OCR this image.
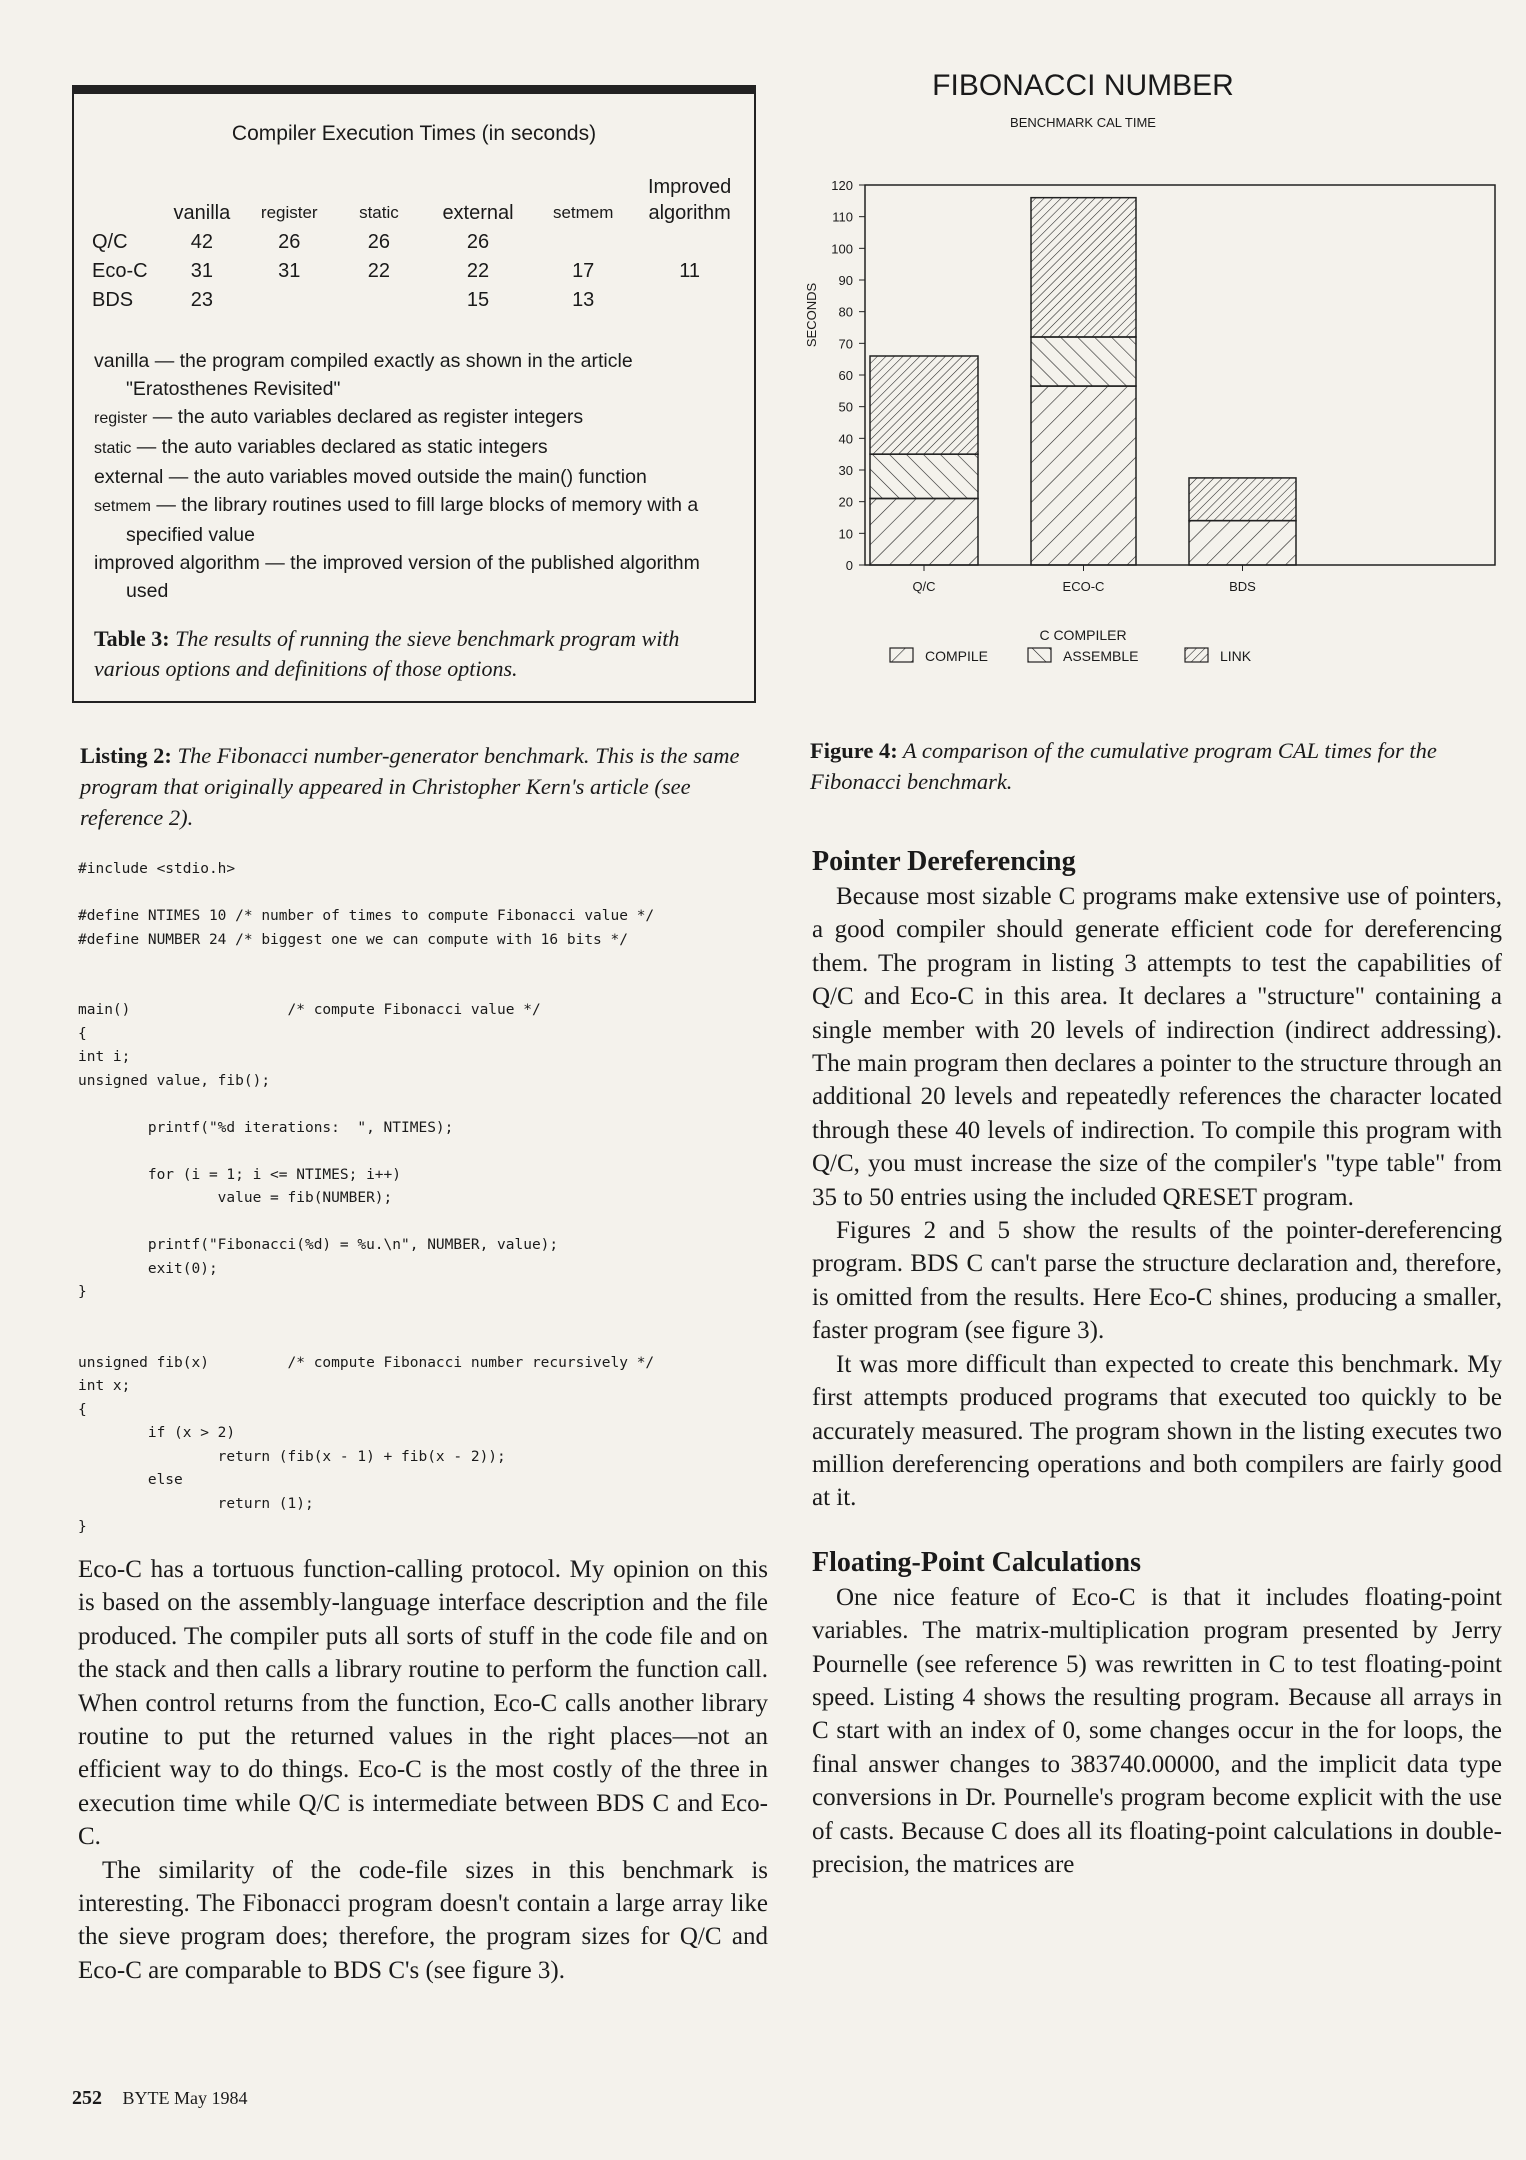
Compiler Execution Times (in seconds)
	vanilla	register	static	external	setmem	Improved algorithm
Q/C	42	26	26	26		
Eco-C	31	31	22	22	17	11
BDS	23			15	13	
vanilla — the program compiled exactly as shown in the article "Eratosthenes Revisited"
register — the auto variables declared as register integers
static — the auto variables declared as static integers
external — the auto variables moved outside the main() function
setmem — the library routines used to fill large blocks of memory with a specified value
improved algorithm — the improved version of the published algorithm used
Table 3: The results of running the sieve benchmark program with various options and definitions of those options.
Listing 2: The Fibonacci number-generator benchmark. This is the same program that originally appeared in Christopher Kern's article (see reference 2).
#include <stdio.h>

#define NTIMES 10 /* number of times to compute Fibonacci value */
#define NUMBER 24 /* biggest one we can compute with 16 bits */

main()                  /* compute Fibonacci value */
{
int i;
unsigned value, fib();

printf("%d iterations:  ", NTIMES);

for (i = 1; i <= NTIMES; i++)
value = fib(NUMBER);

printf("Fibonacci(%d) = %u.\n", NUMBER, value);
exit(0);
}

unsigned fib(x)         /* compute Fibonacci number recursively */
int x;
{
if (x > 2)
return (fib(x - 1) + fib(x - 2));
else
return (1);
}

Eco-C has a tortuous function-calling protocol. My opinion on this is based on the assembly-language interface description and the file produced. The compiler puts all sorts of stuff in the code file and on the stack and then calls a library routine to perform the function call. When control returns from the function, Eco-C calls another library routine to put the returned values in the right places—not an efficient way to do things. Eco-C is the most costly of the three in execution time while Q/C is intermediate between BDS C and Eco-C.

The similarity of the code-file sizes in this benchmark is interesting. The Fibonacci program doesn't contain a large array like the sieve program does; therefore, the program sizes for Q/C and Eco-C are comparable to BDS C's (see figure 3).

252 BYTE May 1984
FIBONACCI NUMBER
BENCHMARK CAL TIME
SECONDS
C COMPILER
0
10
20
30
40
50
60
70
80
90
100
110
120
Q/C	ECO-C	BDS
COMPILE	ASSEMBLE	LINK
Figure 4: A comparison of the cumulative program CAL times for the Fibonacci benchmark.
Pointer Dereferencing

Because most sizable C programs make extensive use of pointers, a good compiler should generate efficient code for dereferencing them. The program in listing 3 attempts to test the capabilities of Q/C and Eco-C in this area. It declares a "structure" containing a single member with 20 levels of indirection (indirect addressing). The main program then declares a pointer to the structure through an additional 20 levels and repeatedly references the character located through these 40 levels of indirection. To compile this program with Q/C, you must increase the size of the compiler's "type table" from 35 to 50 entries using the included QRESET program.

Figures 2 and 5 show the results of the pointer-dereferencing program. BDS C can't parse the structure declaration and, therefore, is omitted from the results. Here Eco-C shines, producing a smaller, faster program (see figure 3).

It was more difficult than expected to create this benchmark. My first attempts produced programs that executed too quickly to be accurately measured. The program shown in the listing executes two million dereferencing operations and both compilers are fairly good at it.

Floating-Point Calculations

One nice feature of Eco-C is that it includes floating-point variables. The matrix-multiplication program presented by Jerry Pournelle (see reference 5) was rewritten in C to test floating-point speed. Listing 4 shows the resulting program. Because all arrays in C start with an index of 0, some changes occur in the for loops, the final answer changes to 383740.00000, and the implicit data type conversions in Dr. Pournelle's program become explicit with the use of casts. Because C does all its floating-point calculations in double-precision, the matrices are
